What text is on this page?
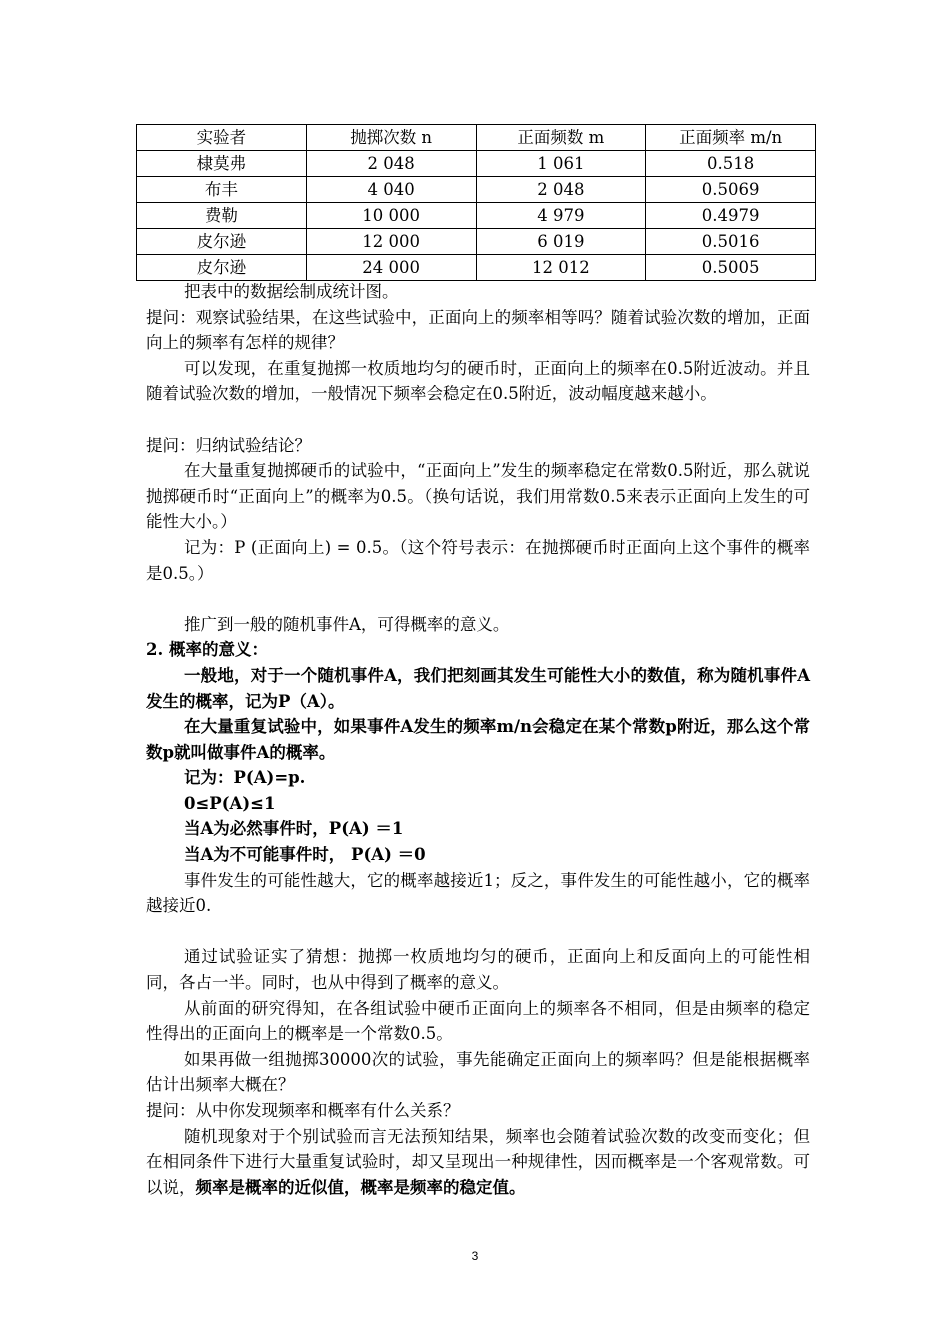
实验者	抛掷次数 n	正面频数 m	正面频率 m/n
棣莫弗	2 048	1 061	0.518
布丰	4 040	2 048	0.5069
费勒	10 000	4 979	0.4979
皮尔逊	12 000	6 019	0.5016
皮尔逊	24 000	12 012	0.5005

把表中的数据绘制成统计图。

提问：观察试验结果，在这些试验中，正面向上的频率相等吗？随着试验次数的增加，正面向上的频率有怎样的规律？

可以发现，在重复抛掷一枚质地均匀的硬币时，正面向上的频率在0.5附近波动。并且随着试验次数的增加，一般情况下频率会稳定在0.5附近，波动幅度越来越小。

提问：归纳试验结论？

在大量重复抛掷硬币的试验中，“正面向上”发生的频率稳定在常数0.5附近，那么就说抛掷硬币时“正面向上”的概率为0.5。（换句话说，我们用常数0.5来表示正面向上发生的可能性大小。）

记为：P (正面向上) = 0.5。（这个符号表示：在抛掷硬币时正面向上这个事件的概率是0.5。）

推广到一般的随机事件A，可得概率的意义。

2. 概率的意义：

一般地，对于一个随机事件A，我们把刻画其发生可能性大小的数值，称为随机事件A发生的概率，记为P（A）。

在大量重复试验中，如果事件A发生的频率m/n会稳定在某个常数p附近，那么这个常数p就叫做事件A的概率。

记为：P(A)=p.

0≤P(A)≤1

当A为必然事件时，P(A) ＝1

当A为不可能事件时， P(A) ＝0

事件发生的可能性越大，它的概率越接近1；反之，事件发生的可能性越小，它的概率越接近0.

通过试验证实了猜想：抛掷一枚质地均匀的硬币，正面向上和反面向上的可能性相同，各占一半。同时，也从中得到了概率的意义。

从前面的研究得知，在各组试验中硬币正面向上的频率各不相同，但是由频率的稳定性得出的正面向上的概率是一个常数0.5。

如果再做一组抛掷30000次的试验，事先能确定正面向上的频率吗？但是能根据概率估计出频率大概在？

提问：从中你发现频率和概率有什么关系？

随机现象对于个别试验而言无法预知结果，频率也会随着试验次数的改变而变化；但在相同条件下进行大量重复试验时，却又呈现出一种规律性，因而概率是一个客观常数。可以说，频率是概率的近似值，概率是频率的稳定值。

3
